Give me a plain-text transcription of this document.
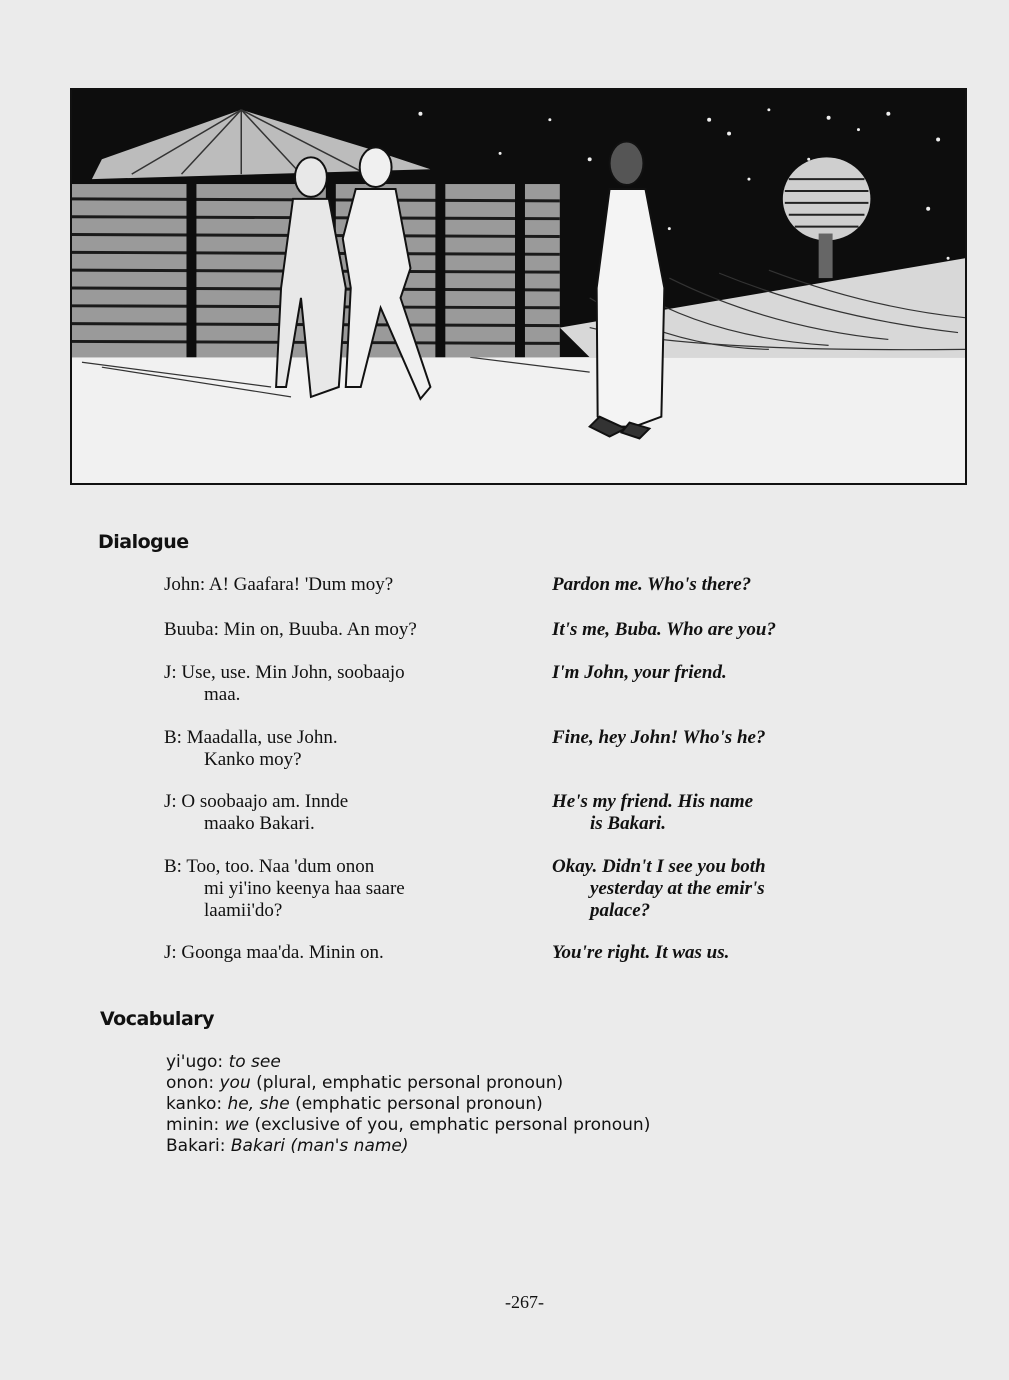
Dialogue
John: A! Gaafara! 'Dum moy?
Buuba: Min on, Buuba. An moy?
J: Use, use. Min John, soobaajo
maa.
B: Maadalla, use John.
Kanko moy?
J: O soobaajo am. Innde
maako Bakari.
B: Too, too. Naa 'dum onon
mi yi'ino keenya haa saare
laamii'do?
J: Goonga maa'da. Minin on.
Pardon me. Who's there?
It's me, Buba. Who are you?
I'm John, your friend.
Fine, hey John! Who's he?
He's my friend. His name
is Bakari.
Okay. Didn't I see you both
yesterday at the emir's
palace?
You're right. It was us.
Vocabulary
yi'ugo: to see
onon: you (plural, emphatic personal pronoun)
kanko: he, she (emphatic personal pronoun)
minin: we (exclusive of you, emphatic personal pronoun)
Bakari: Bakari (man's name)
-267-
